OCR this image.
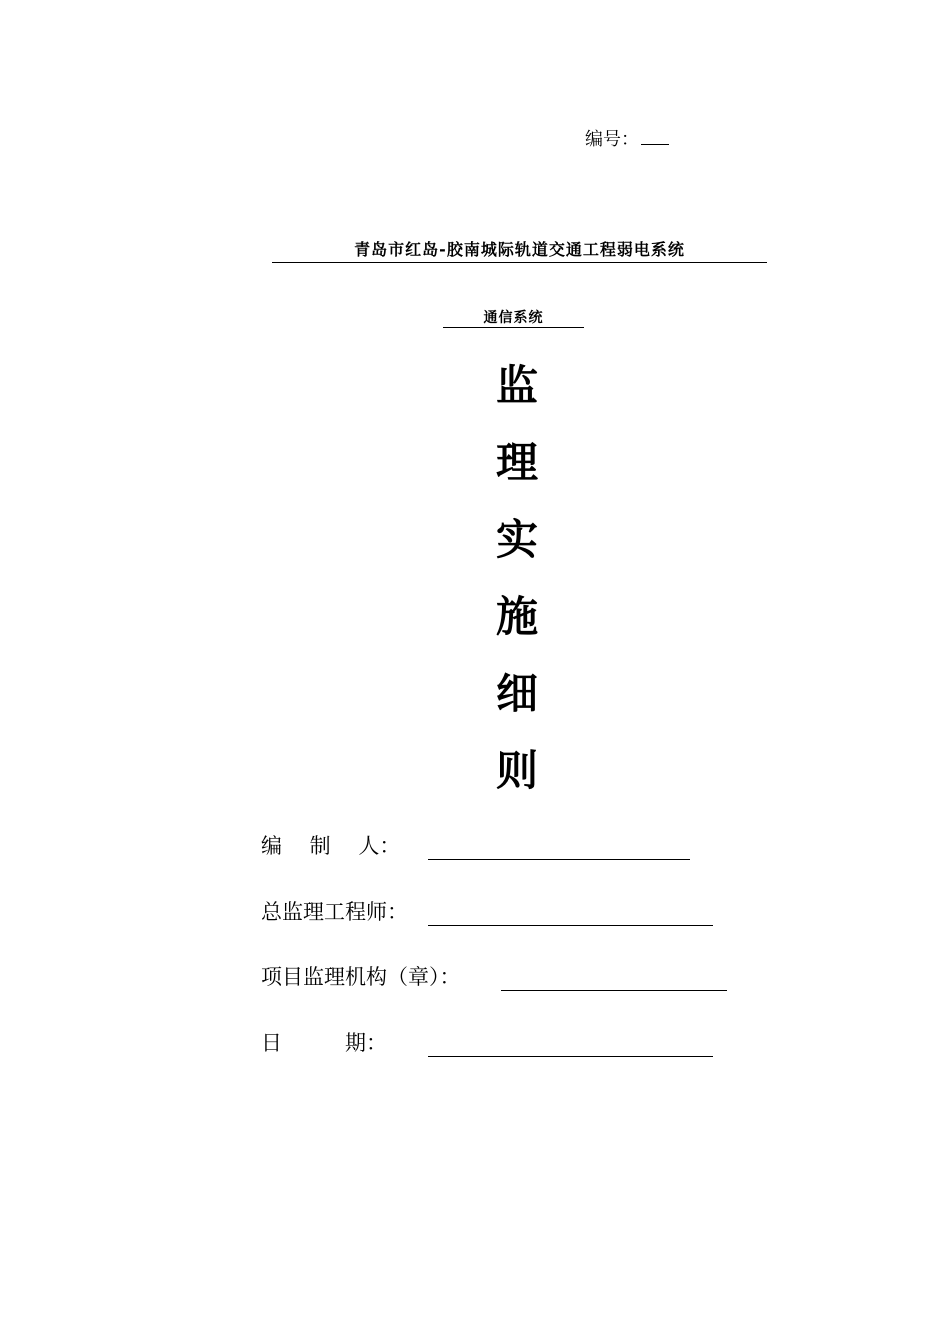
编号：
青岛市红岛-胶南城际轨道交通工程弱电系统
通信系统
监
理
实
施
细
则
编　 制　 人：
总监理工程师：
项目监理机构（章）：
日　　　期：
